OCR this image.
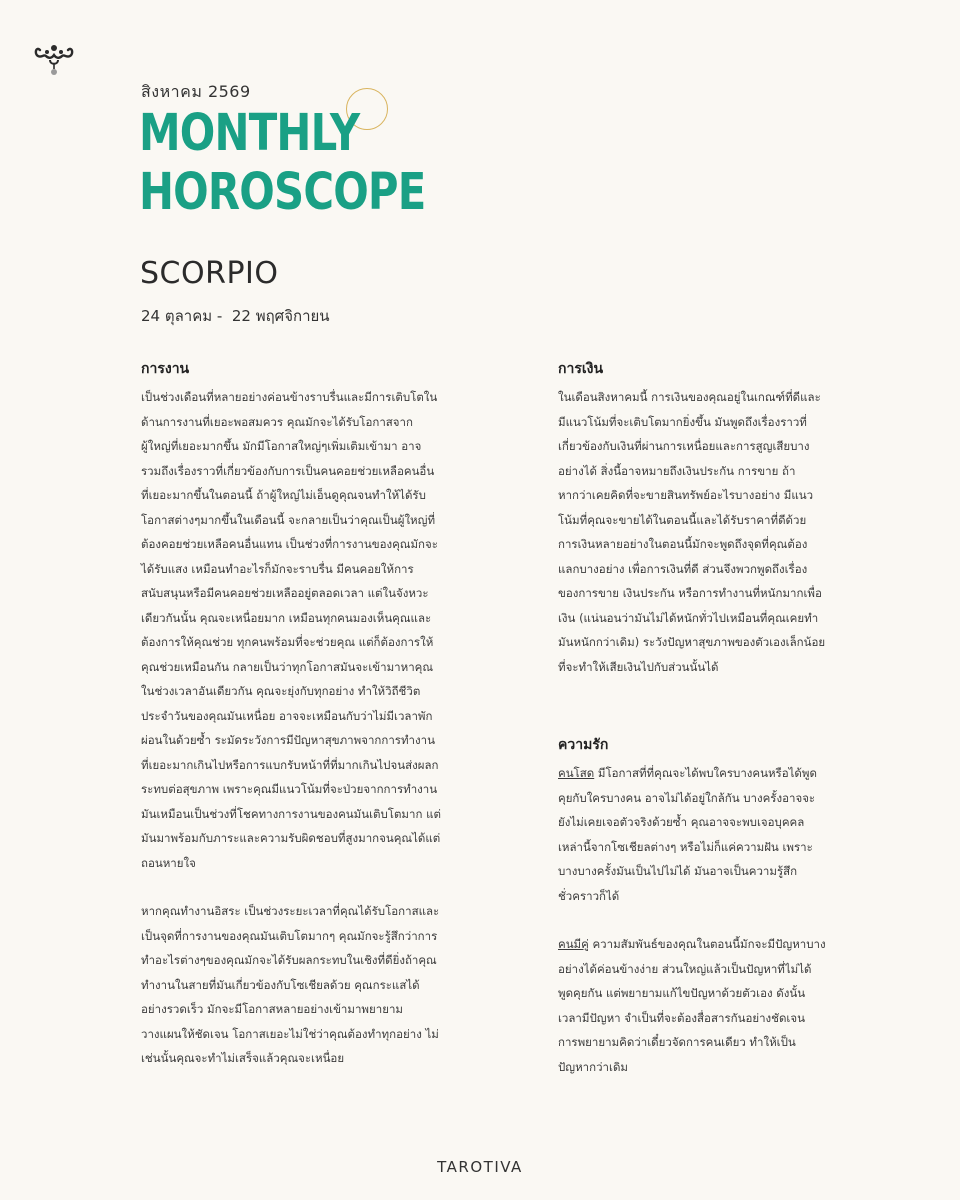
สิงหาคม 2569

MONTHLY
HOROSCOPE
SCORPIO
24 ตุลาคม -  22 พฤศจิกายน
การงาน

เป็นช่วงเดือนที่หลายอย่างค่อนข้างราบรื่นและมีการเติบโตในด้านการงานที่เยอะพอสมควร คุณมักจะได้รับโอกาสจากผู้ใหญ่ที่เยอะมากขึ้น มักมีโอกาสใหญ่ๆเพิ่มเติมเข้ามา อาจรวมถึงเรื่องราวที่เกี่ยวข้องกับการเป็นคนคอยช่วยเหลือคนอื่นที่เยอะมากขึ้นในตอนนี้ ถ้าผู้ใหญ่ไม่เอ็นดูคุณจนทำให้ได้รับโอกาสต่างๆมากขึ้นในเดือนนี้ จะกลายเป็นว่าคุณเป็นผู้ใหญ่ที่ต้องคอยช่วยเหลือคนอื่นแทน เป็นช่วงที่การงานของคุณมักจะได้รับแสง เหมือนทำอะไรก็มักจะราบรื่น มีคนคอยให้การสนับสนุนหรือมีคนคอยช่วยเหลืออยู่ตลอดเวลา แต่ในจังหวะเดียวกันนั้น คุณจะเหนื่อยมาก เหมือนทุกคนมองเห็นคุณและต้องการให้คุณช่วย ทุกคนพร้อมที่จะช่วยคุณ แต่ก็ต้องการให้คุณช่วยเหมือนกัน กลายเป็นว่าทุกโอกาสมันจะเข้ามาหาคุณในช่วงเวลาอันเดียวกัน คุณจะยุ่งกับทุกอย่าง ทำให้วิถีชีวิตประจำวันของคุณมันเหนื่อย อาจจะเหมือนกับว่าไม่มีเวลาพักผ่อนในด้วยซ้ำ ระมัดระวังการมีปัญหาสุขภาพจากการทำงานที่เยอะมากเกินไปหรือการแบกรับหน้าที่ที่มากเกินไปจนส่งผลกระทบต่อสุขภาพ เพราะคุณมีแนวโน้มที่จะป่วยจากการทำงาน มันเหมือนเป็นช่วงที่โชคทางการงานของคนมันเติบโตมาก แต่มันมาพร้อมกับภาระและความรับผิดชอบที่สูงมากจนคุณได้แต่ถอนหายใจ

หากคุณทำงานอิสระ เป็นช่วงระยะเวลาที่คุณได้รับโอกาสและเป็นจุดที่การงานของคุณมันเติบโตมากๆ คุณมักจะรู้สึกว่าการทำอะไรต่างๆของคุณมักจะได้รับผลกระทบในเชิงที่ดียิ่งถ้าคุณทำงานในสายที่มันเกี่ยวข้องกับโซเชียลด้วย คุณกระแสได้อย่างรวดเร็ว มักจะมีโอกาสหลายอย่างเข้ามาพยายามวางแผนให้ชัดเจน โอกาสเยอะไม่ใช่ว่าคุณต้องทำทุกอย่าง ไม่เช่นนั้นคุณจะทำไม่เสร็จแล้วคุณจะเหนื่อย

การเงิน

ในเดือนสิงหาคมนี้ การเงินของคุณอยู่ในเกณฑ์ที่ดีและมีแนวโน้มที่จะเติบโตมากยิ่งขึ้น มันพูดถึงเรื่องราวที่เกี่ยวข้องกับเงินที่ผ่านการเหนื่อยและการสูญเสียบางอย่างได้ สิ่งนี้อาจหมายถึงเงินประกัน การขาย ถ้าหากว่าเคยคิดที่จะขายสินทรัพย์อะไรบางอย่าง มีแนวโน้มที่คุณจะขายได้ในตอนนี้และได้รับราคาที่ดีด้วย การเงินหลายอย่างในตอนนี้มักจะพูดถึงจุดที่คุณต้องแลกบางอย่าง เพื่อการเงินที่ดี ส่วนจึงพวกพูดถึงเรื่องของการขาย เงินประกัน หรือการทำงานที่หนักมากเพื่อเงิน (แน่นอนว่ามันไม่ได้หนักทั่วไปเหมือนที่คุณเคยทำมันหนักกว่าเดิม) ระวังปัญหาสุขภาพของตัวเองเล็กน้อย ที่จะทำให้เสียเงินไปกับส่วนนั้นได้

ความรัก

คนโสด มีโอกาสที่ที่คุณจะได้พบใครบางคนหรือได้พูดคุยกับใครบางคน อาจไม่ได้อยู่ใกล้กัน บางครั้งอาจจะยังไม่เคยเจอตัวจริงด้วยซ้ำ คุณอาจจะพบเจอบุคคลเหล่านี้จากโซเชียลต่างๆ หรือไม่ก็แค่ความฝัน เพราะบางบางครั้งมันเป็นไปไม่ได้ มันอาจเป็นความรู้สึกชั่วคราวก็ได้

คนมีคู่ ความสัมพันธ์ของคุณในตอนนี้มักจะมีปัญหาบางอย่างได้ค่อนข้างง่าย ส่วนใหญ่แล้วเป็นปัญหาที่ไม่ได้พูดคุยกัน แต่พยายามแก้ไขปัญหาด้วยตัวเอง ดังนั้นเวลามีปัญหา จำเป็นที่จะต้องสื่อสารกันอย่างชัดเจน การพยายามคิดว่าเดี๋ยวจัดการคนเดียว ทำให้เป็นปัญหากว่าเดิม

TAROTIVA
